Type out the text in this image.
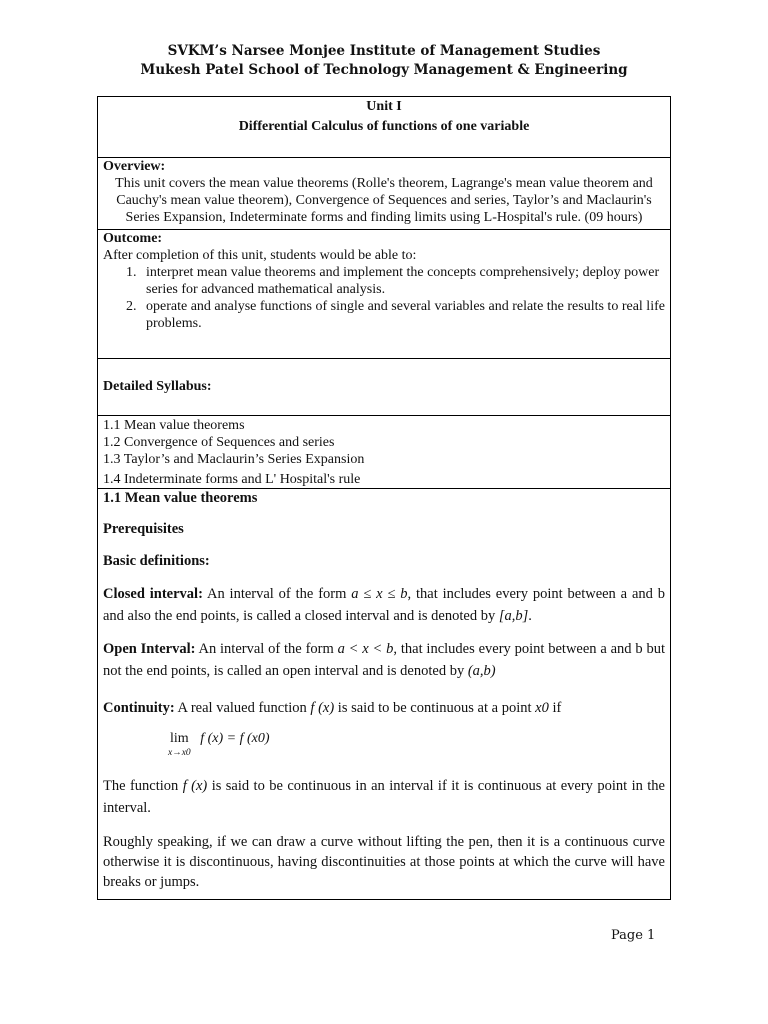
SVKM’s Narsee Monjee Institute of Management Studies
Mukesh Patel School of Technology Management & Engineering
Unit I
Differential Calculus of functions of one variable
Overview:
This unit covers the mean value theorems (Rolle's theorem, Lagrange's mean value theorem and Cauchy's mean value theorem), Convergence of Sequences and series, Taylor’s and Maclaurin's Series Expansion, Indeterminate forms and finding limits using L-Hospital's rule. (09 hours)
Outcome:
After completion of this unit, students would be able to:
1. interpret mean value theorems and implement the concepts comprehensively; deploy power series for advanced mathematical analysis.
2. operate and analyse functions of single and several variables and relate the results to real life problems.
Detailed Syllabus:
1.1 Mean value theorems
1.2 Convergence of Sequences and series
1.3 Taylor’s and Maclaurin’s Series Expansion
1.4 Indeterminate forms and L' Hospital's rule
1.1 Mean value theorems
Prerequisites
Basic definitions:
Closed interval: An interval of the form a ≤ x ≤ b, that includes every point between a and b and also the end points, is called a closed interval and is denoted by [a,b].
Open Interval: An interval of the form a < x < b, that includes every point between a and b but not the end points, is called an open interval and is denoted by (a,b)
Continuity: A real valued function f (x) is said to be continuous at a point x0 if
lim
x→x0
f (x) = f (x0)
The function f (x) is said to be continuous in an interval if it is continuous at every point in the interval.
Roughly speaking, if we can draw a curve without lifting the pen, then it is a continuous curve otherwise it is discontinuous, having discontinuities at those points at which the curve will have breaks or jumps.
Page 1
